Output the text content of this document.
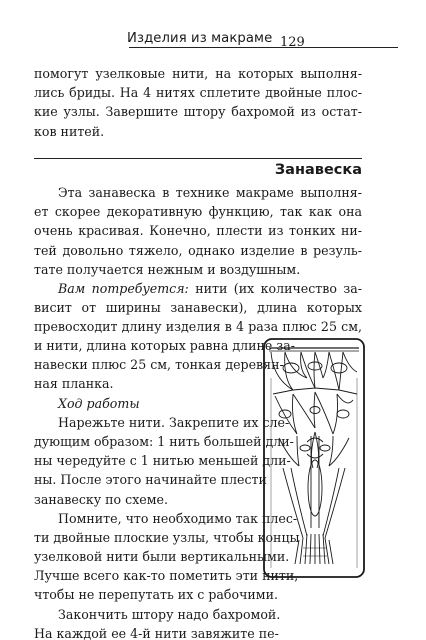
Изделия из макраме 129
помогут узелковые нити, на которых выполня-
лись бриды. На 4 нитях сплетите двойные плос-
кие узлы. Завершите штору бахромой из остат-
ков нитей.
Занавеска
Эта занавеска в технике макраме выполня-
ет скорее декоративную функцию, так как она
очень красивая. Конечно, плести из тонких ни-
тей довольно тяжело, однако изделие в резуль-
тате получается нежным и воздушным.
Вам потребуется: нити (их количество за-
висит от ширины занавески), длина которых
превосходит длину изделия в 4 раза плюс 25 см,
и нити, длина которых равна длине за-
навески плюс 25 см, тонкая деревян-
ная планка.
Ход работы
Нарежьте нити. Закрепите их сле-
дующим образом: 1 нить большей дли-
ны чередуйте с 1 нитью меньшей дли-
ны. После этого начинайте плести
занавеску по схеме.
Помните, что необходимо так плес-
ти двойные плоские узлы, чтобы концы
узелковой нити были вертикальными.
Лучше всего как-то пометить эти нити,
чтобы не перепутать их с рабочими.
Закончить штору надо бахромой.
На каждой ее 4-й нити завяжите пе-
